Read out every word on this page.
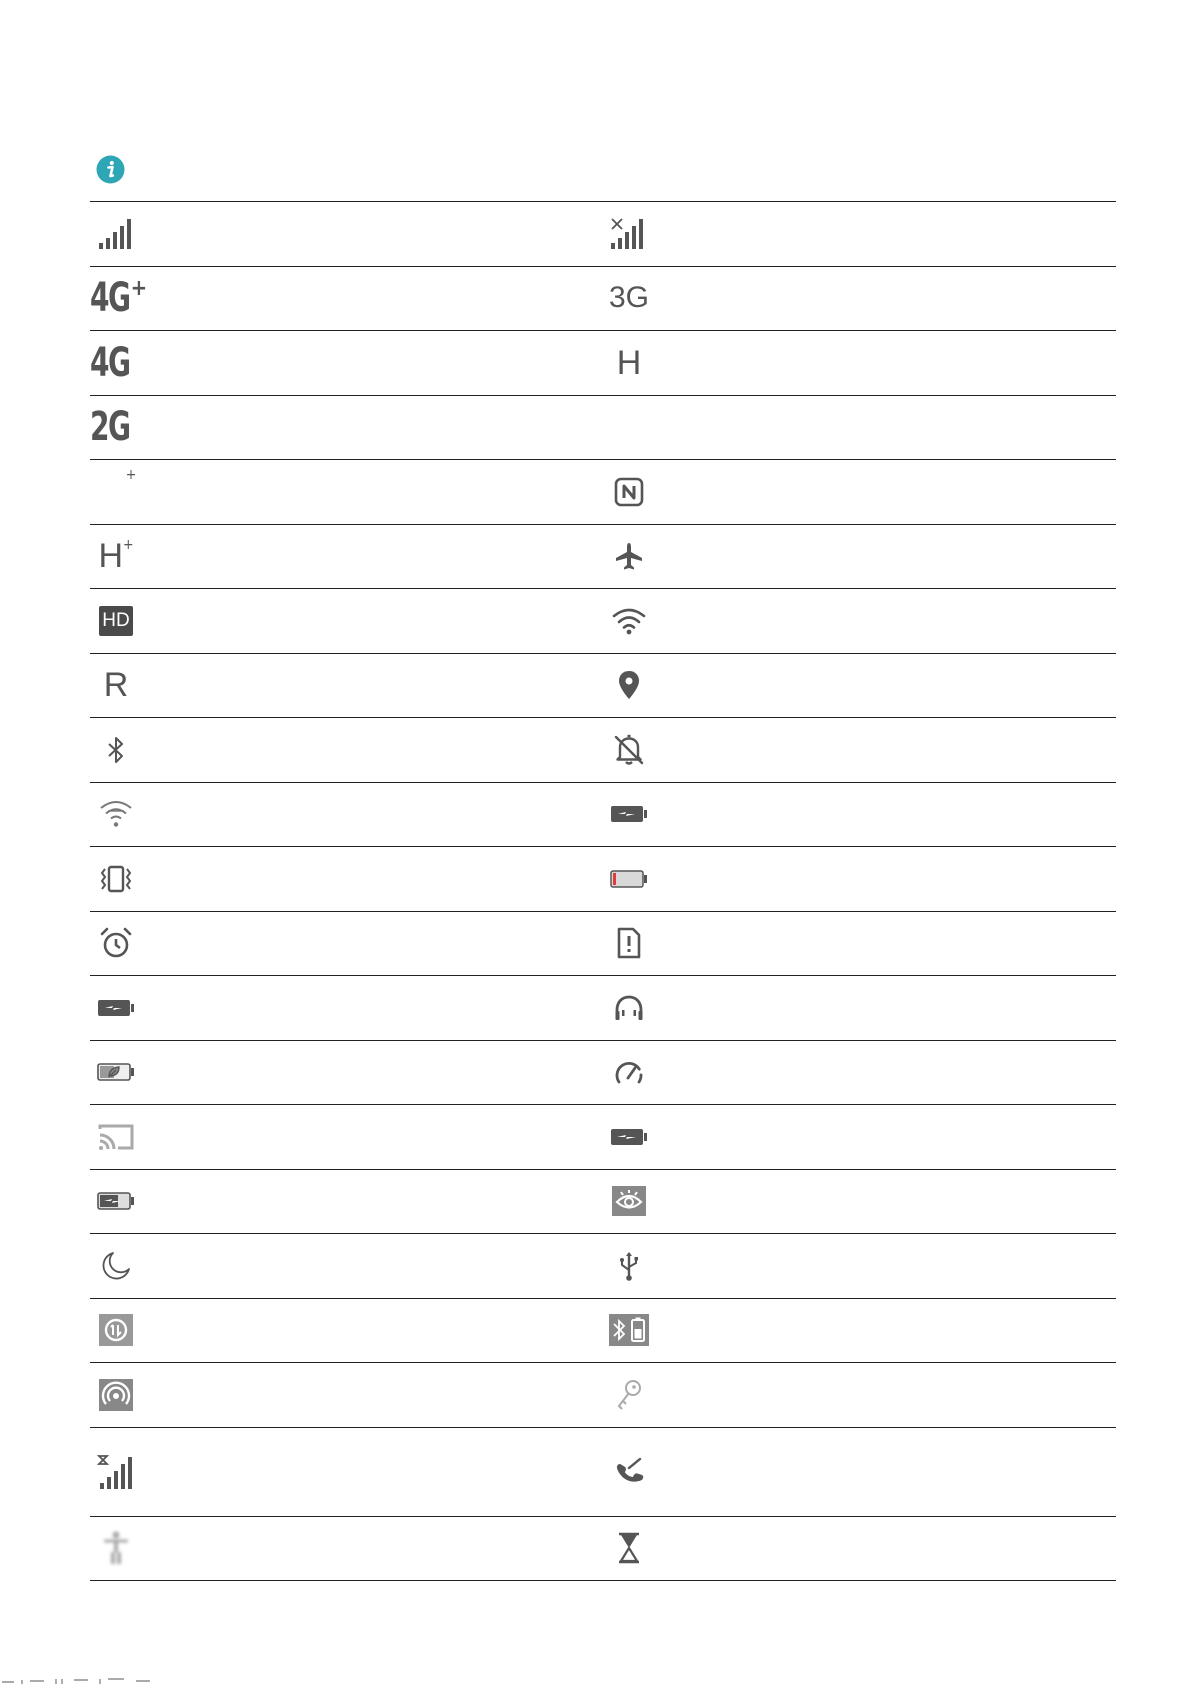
4G +	3G
4G	H
2G
+
H +
HD
R
